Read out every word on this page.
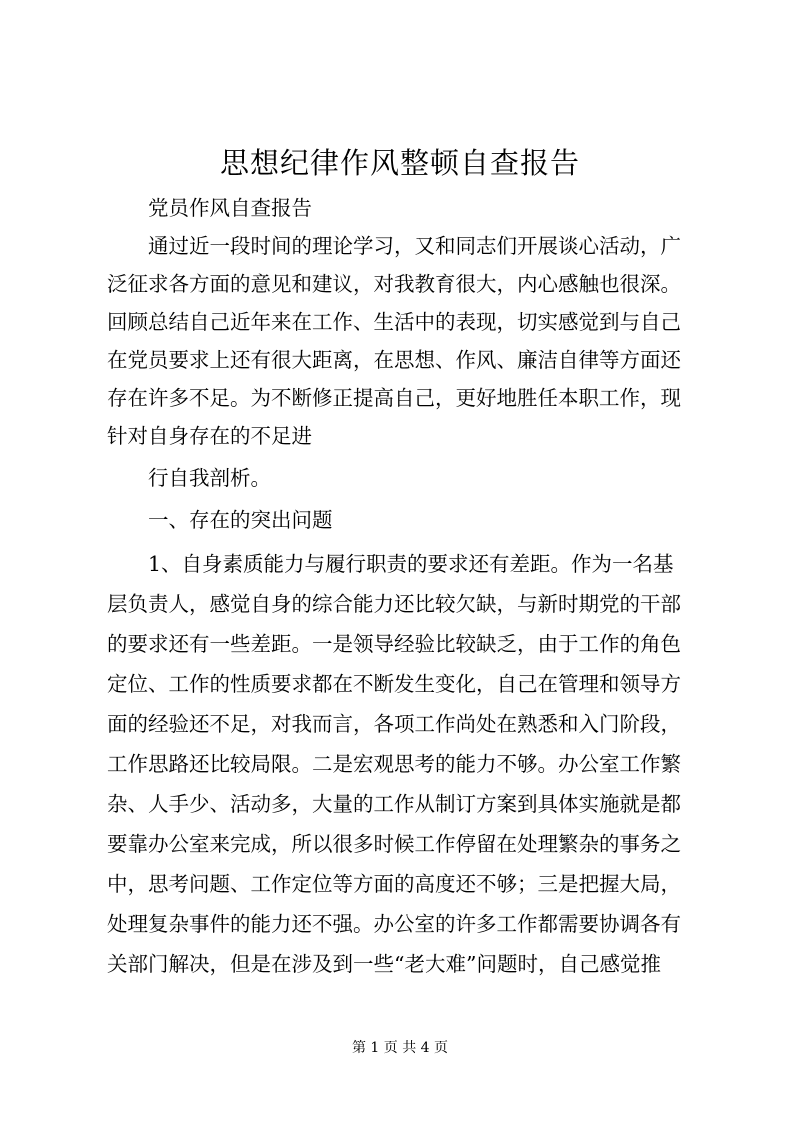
思想纪律作风整顿自查报告
党员作风自查报告
通过近一段时间的理论学习，又和同志们开展谈心活动，广
泛征求各方面的意见和建议，对我教育很大，内心感触也很深。
回顾总结自己近年来在工作、生活中的表现，切实感觉到与自己
在党员要求上还有很大距离，在思想、作风、廉洁自律等方面还
存在许多不足。为不断修正提高自己，更好地胜任本职工作，现
针对自身存在的不足进
行自我剖析。
一、存在的突出问题
1、自身素质能力与履行职责的要求还有差距。作为一名基
层负责人，感觉自身的综合能力还比较欠缺，与新时期党的干部
的要求还有一些差距。一是领导经验比较缺乏，由于工作的角色
定位、工作的性质要求都在不断发生变化，自己在管理和领导方
面的经验还不足，对我而言，各项工作尚处在熟悉和入门阶段，
工作思路还比较局限。二是宏观思考的能力不够。办公室工作繁
杂、人手少、活动多，大量的工作从制订方案到具体实施就是都
要靠办公室来完成，所以很多时候工作停留在处理繁杂的事务之
中，思考问题、工作定位等方面的高度还不够；三是把握大局，
处理复杂事件的能力还不强。办公室的许多工作都需要协调各有
关部门解决，但是在涉及到一些“老大难”问题时，自己感觉推
第 1 页 共 4 页
